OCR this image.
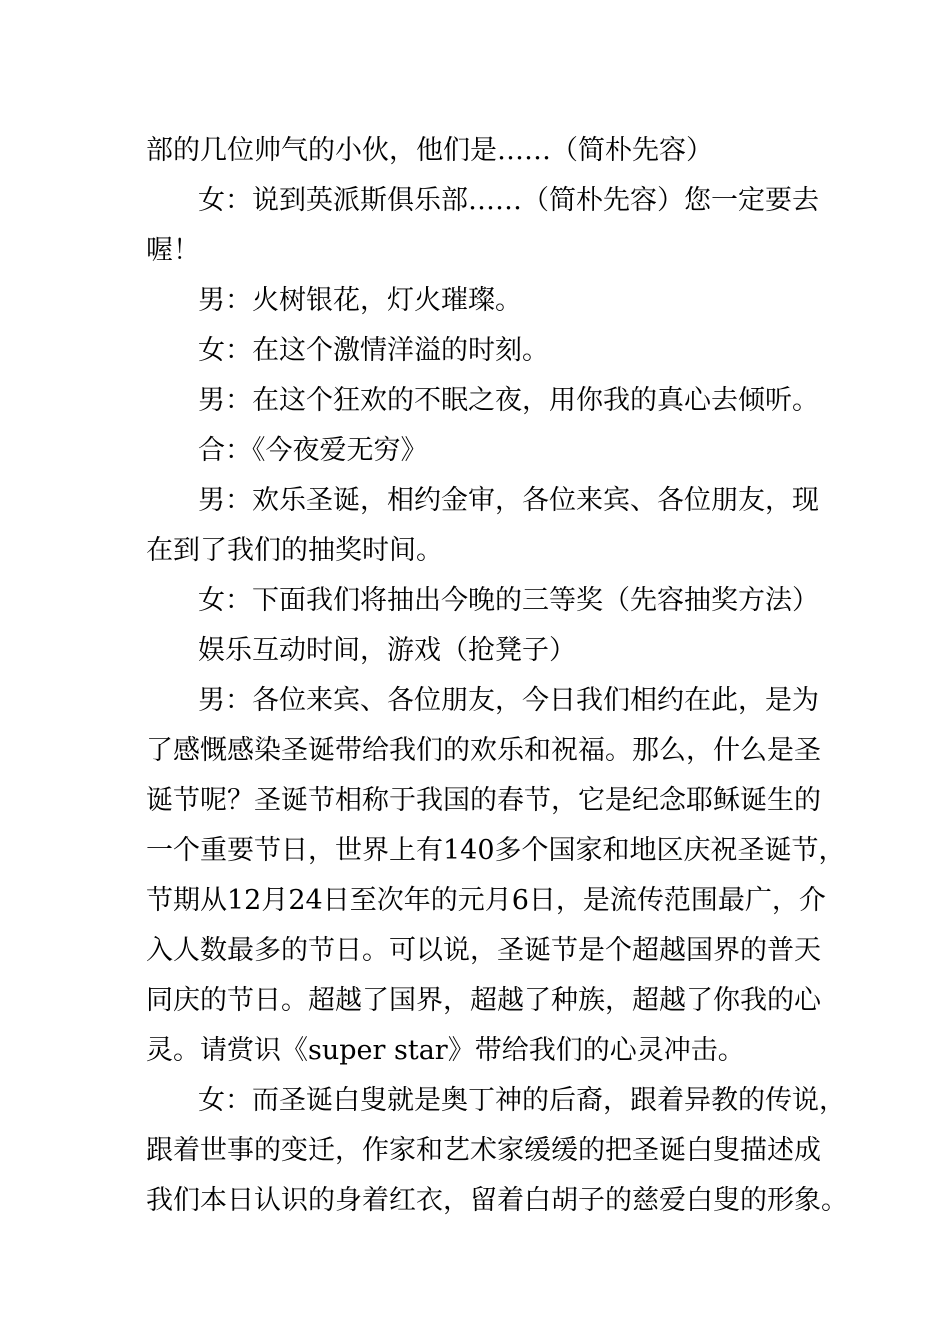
部的几位帅气的小伙，他们是……（简朴先容）
女：说到英派斯俱乐部……（简朴先容）您一定要去
喔！
男：火树银花，灯火璀璨。
女：在这个激情洋溢的时刻。
男：在这个狂欢的不眠之夜，用你我的真心去倾听。
合：《今夜爱无穷》
男：欢乐圣诞，相约金审，各位来宾、各位朋友，现
在到了我们的抽奖时间。
女：下面我们将抽出今晚的三等奖（先容抽奖方法）
娱乐互动时间，游戏（抢凳子）
男：各位来宾、各位朋友，今日我们相约在此，是为
了感慨感染圣诞带给我们的欢乐和祝福。那么，什么是圣
诞节呢？圣诞节相称于我国的春节，它是纪念耶稣诞生的
一个重要节日，世界上有140多个国家和地区庆祝圣诞节，
节期从12月24日至次年的元月6日，是流传范围最广，介
入人数最多的节日。可以说，圣诞节是个超越国界的普天
同庆的节日。超越了国界，超越了种族，超越了你我的心
灵。请赏识《super star》带给我们的心灵冲击。
女：而圣诞白叟就是奥丁神的后裔，跟着异教的传说，
跟着世事的变迁，作家和艺术家缓缓的把圣诞白叟描述成
我们本日认识的身着红衣，留着白胡子的慈爱白叟的形象。
